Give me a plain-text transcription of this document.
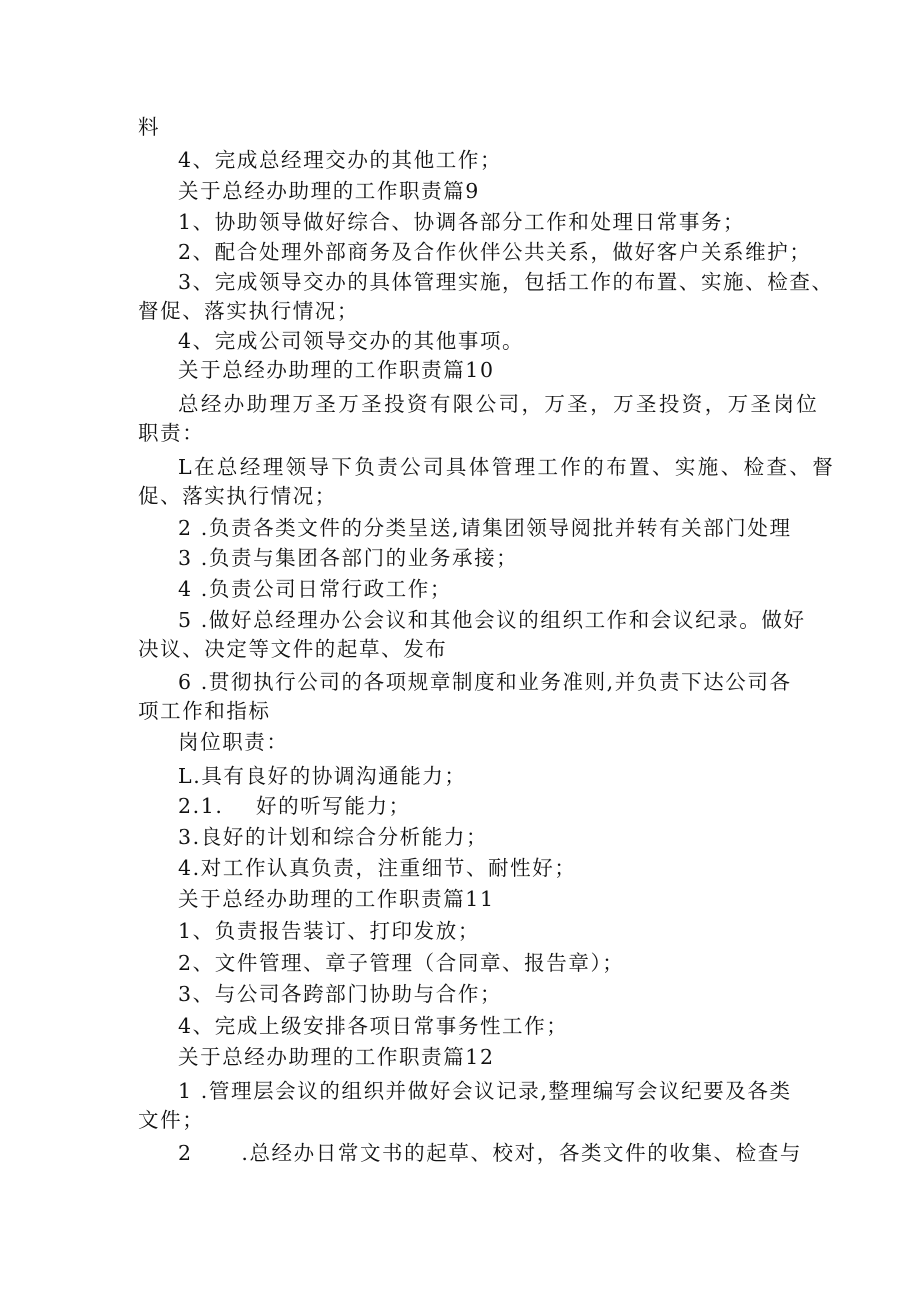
料
4、完成总经理交办的其他工作；
关于总经办助理的工作职责篇9
1、协助领导做好综合、协调各部分工作和处理日常事务；
2、配合处理外部商务及合作伙伴公共关系，做好客户关系维护；
3、完成领导交办的具体管理实施，包括工作的布置、实施、检查、
督促、落实执行情况；
4、完成公司领导交办的其他事项。
关于总经办助理的工作职责篇10
总经办助理万圣万圣投资有限公司，万圣，万圣投资，万圣岗位
职责：
L在总经理领导下负责公司具体管理工作的布置、实施、检查、督
促、落实执行情况；
2 .负责各类文件的分类呈送,请集团领导阅批并转有关部门处理
3 .负责与集团各部门的业务承接；
4 .负责公司日常行政工作；
5 .做好总经理办公会议和其他会议的组织工作和会议纪录。做好
决议、决定等文件的起草、发布
6 .贯彻执行公司的各项规章制度和业务准则,并负责下达公司各
项工作和指标
岗位职责：
L.具有良好的协调沟通能力；
2.1.    好的听写能力；
3.良好的计划和综合分析能力；
4.对工作认真负责，注重细节、耐性好；
关于总经办助理的工作职责篇11
1、负责报告装订、打印发放；
2、文件管理、章子管理（合同章、报告章）；
3、与公司各跨部门协助与合作；
4、完成上级安排各项日常事务性工作；
关于总经办助理的工作职责篇12
1 .管理层会议的组织并做好会议记录,整理编写会议纪要及各类
文件；
2      .总经办日常文书的起草、校对，各类文件的收集、检查与
